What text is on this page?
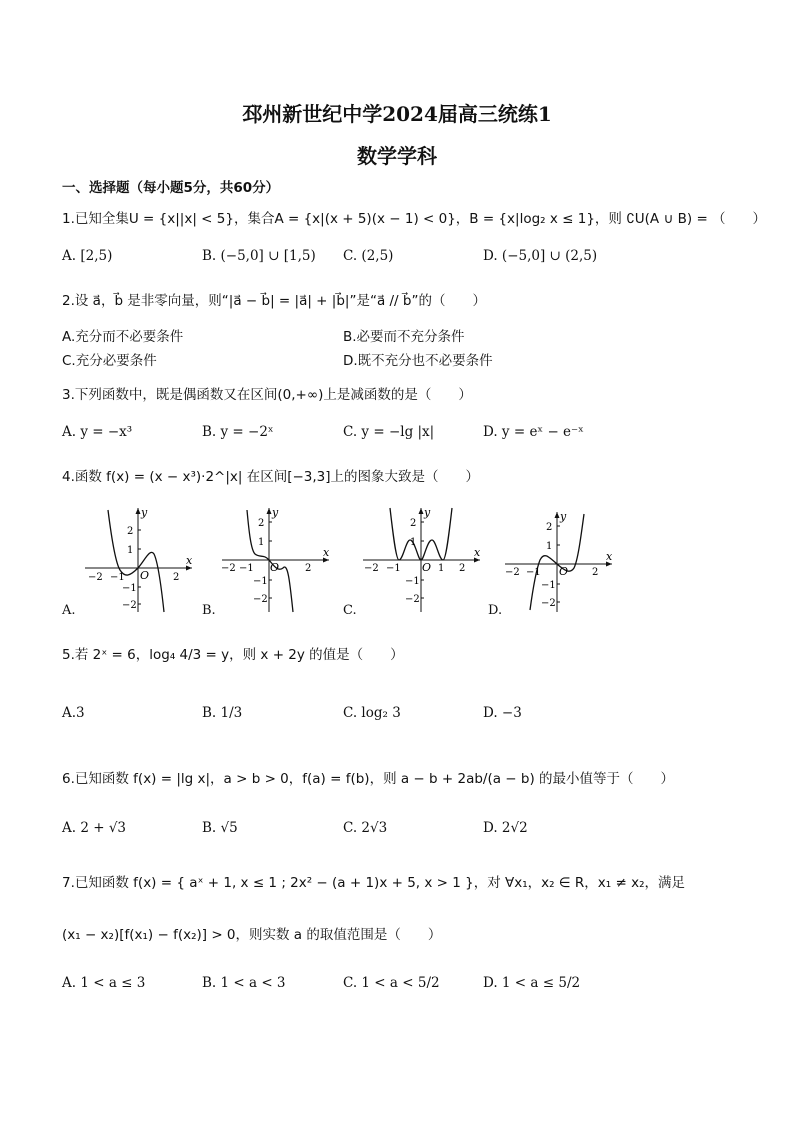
邳州新世纪中学2024届高三统练1
数学学科
一、选择题（每小题5分，共60分）
1.已知全集U = {x||x| < 5}，集合A = {x|(x + 5)(x − 1) < 0}，B = {x|log₂ x ≤ 1}，则 ∁U(A ∪ B) = （　　）
A. [2,5)	B. (−5,0] ∪ [1,5) C. (2,5)	D. (−5,0] ∪ (2,5)
2.设 a⃗，b⃗ 是非零向量，则“|a⃗ − b⃗| = |a⃗| + |b⃗|”是“a⃗ // b⃗”的（　　）
A.充分而不必要条件	B.必要而不充分条件
C.充分必要条件	D.既不充分也不必要条件
3.下列函数中，既是偶函数又在区间(0,+∞)上是减函数的是（　　）
A. y = −x³	B. y = −2ˣ	C. y = −lg |x|	D. y = eˣ − e⁻ˣ
4.函数 f(x) = (x − x³)·2^|x| 在区间[−3,3]上的图象大致是（　　）
y
x
O
2
1
−1
−2
−2 −1	2
y
x
O
2
1
−1
−2
−2 −1	2
y
x
O
2
1
−1
−2
−2 −1	1 2
y
x
O
2
1
−1
−2
−2 −1	2
A.	B.	C.	D.
5.若 2ˣ = 6，log₄ 4/3 = y，则 x + 2y 的值是（　　）
A.3	B. 1/3	C. log₂ 3	D. −3
6.已知函数 f(x) = |lg x|，a > b > 0，f(a) = f(b)，则 a − b + 2ab/(a − b) 的最小值等于（　　）
A. 2 + √3	B. √5	C. 2√3	D. 2√2
7.已知函数 f(x) = { aˣ + 1, x ≤ 1 ; 2x² − (a + 1)x + 5, x > 1 }，对 ∀x₁，x₂ ∈ R，x₁ ≠ x₂，满足
(x₁ − x₂)[f(x₁) − f(x₂)] > 0，则实数 a 的取值范围是（　　）
A. 1 < a ≤ 3	B. 1 < a < 3	C. 1 < a < 5/2	D. 1 < a ≤ 5/2
